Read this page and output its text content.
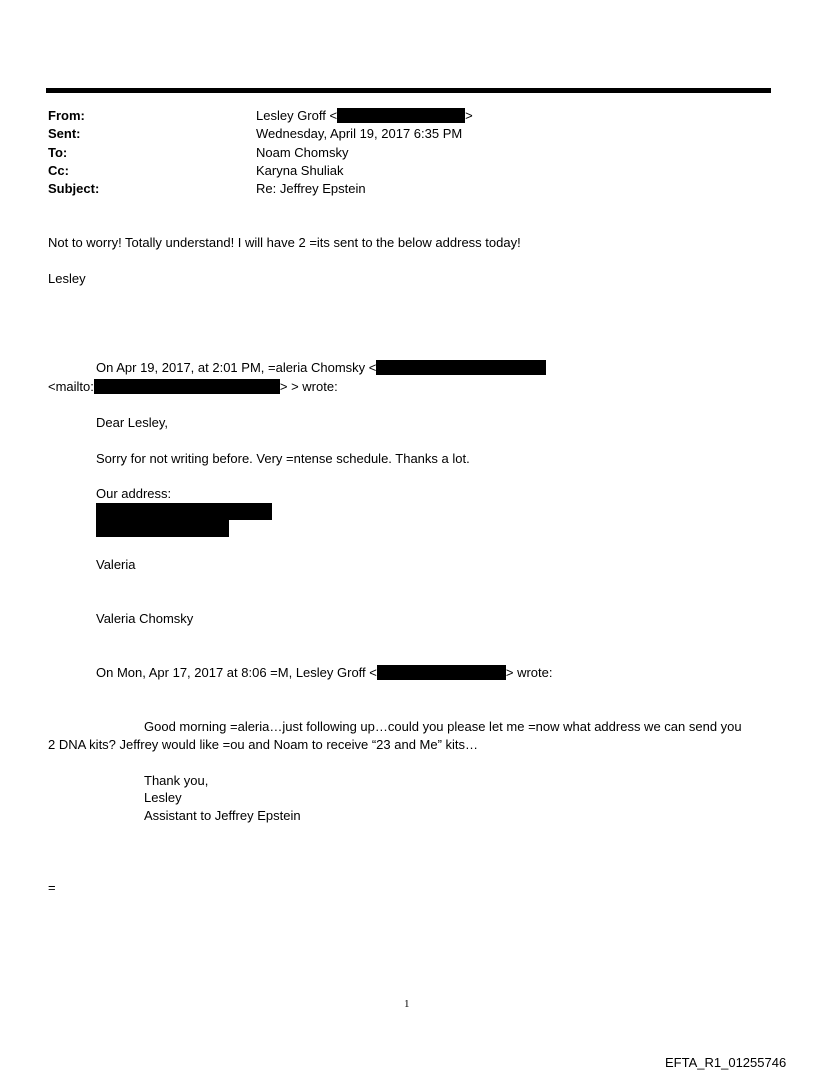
From:	Lesley Groff <	>
Sent:	Wednesday, April 19, 2017 6:35 PM
To:	Noam Chomsky
Cc:	Karyna Shuliak
Subject:	Re: Jeffrey Epstein
Not to worry! Totally understand! I will have 2 =its sent to the below address today!
Lesley
On Apr 19, 2017, at 2:01 PM, =aleria Chomsky <
<mailto:	> > wrote:
Dear Lesley,
Sorry for not writing before. Very =ntense schedule. Thanks a lot.
Our address:
Valeria
Valeria Chomsky
On Mon, Apr 17, 2017 at 8:06 =M, Lesley Groff <	> wrote:
Good morning =aleria…just following up…could you please let me =now what address we can send you
2 DNA kits? Jeffrey would like =ou and Noam to receive “23 and Me” kits…
Thank you,
Lesley
Assistant to Jeffrey Epstein
=
1
EFTA_R1_01255746
